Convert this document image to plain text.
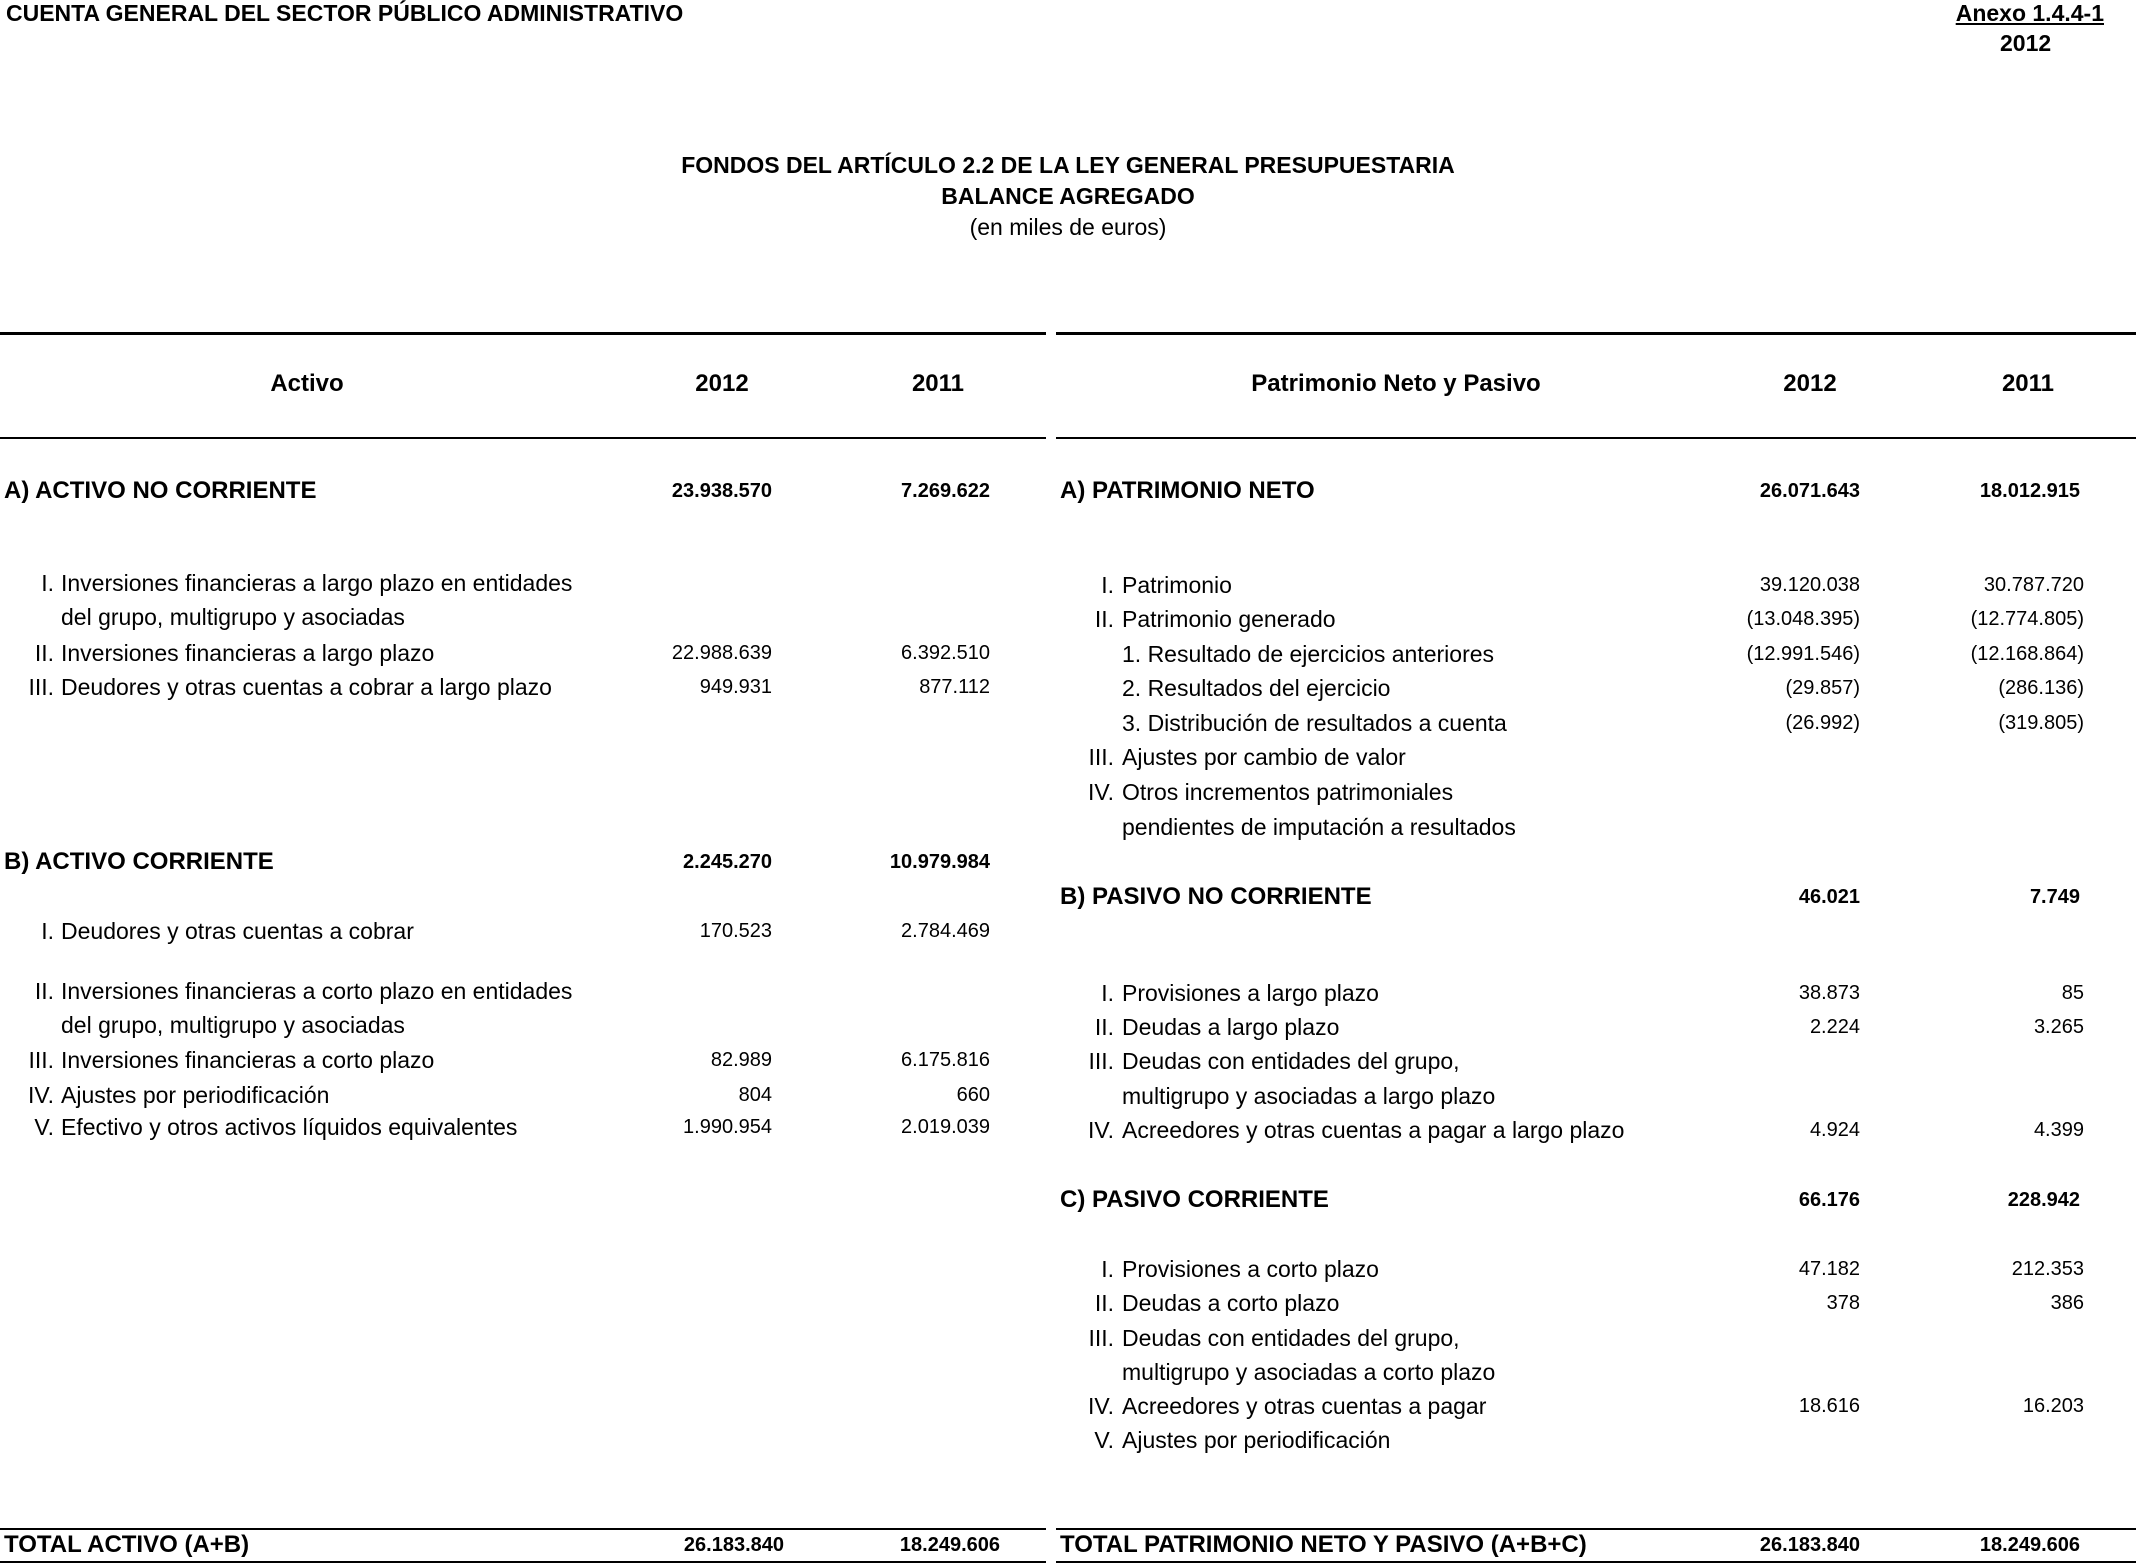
CUENTA GENERAL DEL SECTOR PÚBLICO ADMINISTRATIVO	Anexo 1.4.4-1
2012
FONDOS DEL ARTÍCULO 2.2 DE LA LEY GENERAL PRESUPUESTARIA
BALANCE AGREGADO
(en miles de euros)
Activo	2012	2011	Patrimonio Neto y Pasivo	2012	2011
A) ACTIVO NO CORRIENTE	23.938.570	7.269.622
I. Inversiones financieras a largo plazo en entidades
del grupo, multigrupo y asociadas
II. Inversiones financieras a largo plazo	22.988.639	6.392.510
III. Deudores y otras cuentas a cobrar a largo plazo	949.931	877.112
B) ACTIVO CORRIENTE	2.245.270	10.979.984
I. Deudores y otras cuentas a cobrar	170.523	2.784.469
II. Inversiones financieras a corto plazo en entidades
del grupo, multigrupo y asociadas
III. Inversiones financieras a corto plazo	82.989	6.175.816
IV. Ajustes por periodificación	804	660
V. Efectivo y otros activos líquidos equivalentes	1.990.954	2.019.039
A) PATRIMONIO NETO	26.071.643	18.012.915
I. Patrimonio	39.120.038	30.787.720
II. Patrimonio generado	(13.048.395)	(12.774.805)
1. Resultado de ejercicios anteriores	(12.991.546)	(12.168.864)
2. Resultados del ejercicio	(29.857)	(286.136)
3. Distribución de resultados a cuenta	(26.992)	(319.805)
III. Ajustes por cambio de valor
IV. Otros incrementos patrimoniales
pendientes de imputación a resultados
B) PASIVO NO CORRIENTE	46.021	7.749
I. Provisiones a largo plazo	38.873	85
II. Deudas a largo plazo	2.224	3.265
III. Deudas con entidades del grupo,
multigrupo y asociadas a largo plazo
IV. Acreedores y otras cuentas a pagar a largo plazo	4.924	4.399
C) PASIVO CORRIENTE	66.176	228.942
I. Provisiones a corto plazo	47.182	212.353
II. Deudas a corto plazo	378	386
III. Deudas con entidades del grupo,
multigrupo y asociadas a corto plazo
IV. Acreedores y otras cuentas a pagar	18.616	16.203
V. Ajustes por periodificación
TOTAL ACTIVO (A+B)	26.183.840	18.249.606	TOTAL PATRIMONIO NETO Y PASIVO (A+B+C)	26.183.840	18.249.606
